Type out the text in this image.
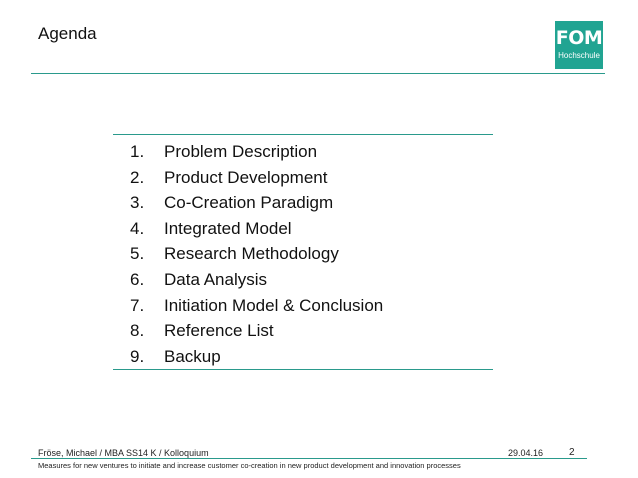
Agenda	FOM
Hochschule
1. Problem Description
2. Product Development
3. Co-Creation Paradigm
4. Integrated Model
5. Research Methodology
6. Data Analysis
7. Initiation Model & Conclusion
8. Reference List
9. Backup
Fröse, Michael / MBA SS14 K / Kolloquium	29.04.16	2
Measures for new ventures to initiate and increase customer co-creation in new product development and innovation processes
